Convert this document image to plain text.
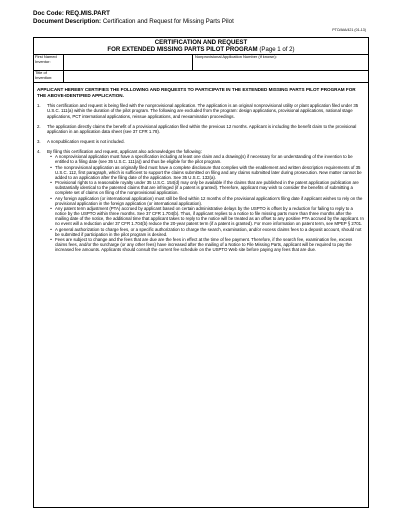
Doc Code: REQ.MIS.PART
Document Description: Certification and Request for Missing Parts Pilot
PTO/AIA/421 (01-13)
CERTIFICATION AND REQUEST
FOR EXTENDED MISSING PARTS PILOT PROGRAM (Page 1 of 2)
First Named Inventor:
Nonprovisional Application Number (if known):
Title of Invention:
APPLICANT HEREBY CERTIFIES THE FOLLOWING AND REQUESTS TO PARTICIPATE IN THE EXTENDED MISSING PARTS PILOT PROGRAM FOR THE ABOVE-IDENTIFIED APPLICATION.
1.	This certification and request is being filed with the nonprovisional application. The application is an original nonprovisional utility or plant application filed under 35 U.S.C. 111(a) within the duration of the pilot program. The following are excluded from the program: design applications, provisional applications, national stage applications, PCT international applications, reissue applications, and reexamination proceedings.
2.	The application directly claims the benefit of a provisional application filed within the previous 12 months. Applicant is including the benefit claim to the provisional application in an application data sheet (see 37 CFR 1.78).
3.	A nonpublication request is not included.
4.	By filing this certification and request, applicant also acknowledges the following:
• A nonprovisional application must have a specification including at least one claim and a drawing(s) if necessary for an understanding of the invention to be entitled to a filing date (see 35 U.S.C. 111(a)) and thus be eligible for the pilot program.
• The nonprovisional application as originally filed must have a complete disclosure that complies with the enablement and written description requirements of 35 U.S.C. 112, first paragraph, which is sufficient to support the claims submitted on filing and any claims submitted later during prosecution. New matter cannot be added to an application after the filing date of the application. See 35 U.S.C. 132(a).
• Provisional rights to a reasonable royalty under 35 U.S.C. 154(d) may only be available if the claims that are published in the patent application publication are substantially identical to the patented claims that are infringed (if a patent is granted). Therefore, applicant may wish to consider the benefits of submitting a complete set of claims on filing of the nonprovisional application.
• Any foreign application (or international application) must still be filed within 12 months of the provisional application's filing date if applicant wishes to rely on the provisional application in the foreign application (or international application).
• Any patent term adjustment (PTA) accrued by applicant based on certain administrative delays by the USPTO is offset by a reduction for failing to reply to a notice by the USPTO within three months. See 37 CFR 1.704(b). Thus, if applicant replies to a notice to file missing parts more than three months after the mailing date of the notice, the additional time that applicant takes to reply to the notice will be treated as an offset to any positive PTA accrued by the applicant. In no event will a reduction under 37 CFR 1.704(b) reduce the 20-year patent term (if a patent is granted). For more information on patent term, see MPEP § 2701.
• A general authorization to charge fees, or a specific authorization to charge the search, examination, and/or excess claims fees to a deposit account, should not be submitted if participation in the pilot program is desired.
• Fees are subject to change and the fees that are due are the fees in effect at the time of fee payment. Therefore, if the search fee, examination fee, excess claims fees, and/or the surcharge (or any other fees) have increased after the mailing of a Notice to File Missing Parts, applicant will be required to pay the increased fee amounts. Applicants should consult the current fee schedule on the USPTO Web site before paying any fees that are due.
